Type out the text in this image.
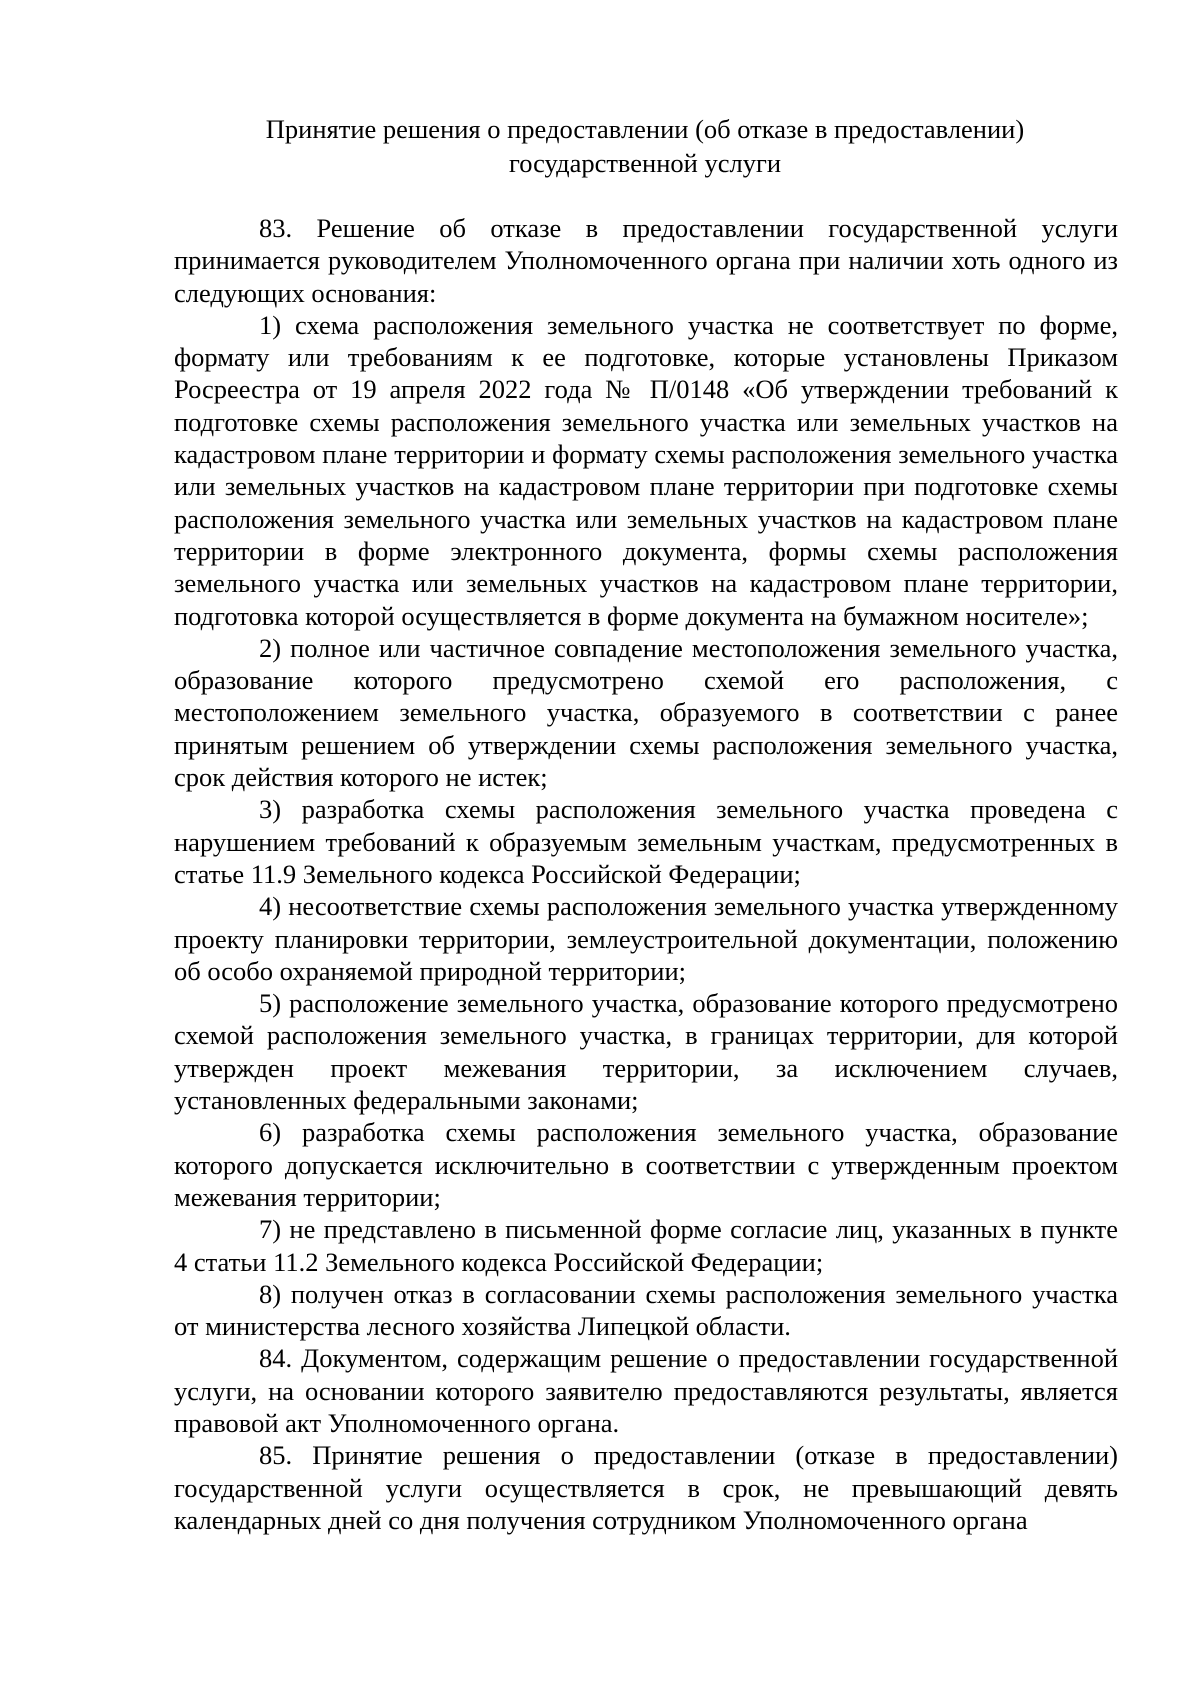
Принятие решения о предоставлении (об отказе в предоставлении)
государственной услуги

83. Решение об отказе в предоставлении государственной услуги принимается руководителем Уполномоченного органа при наличии хоть одного из следующих основания:

1) схема расположения земельного участка не соответствует по форме, формату или требованиям к ее подготовке, которые установлены Приказом Росреестра от 19 апреля 2022 года № П/0148 «Об утверждении требований к подготовке схемы расположения земельного участка или земельных участков на кадастровом плане территории и формату схемы расположения земельного участка или земельных участков на кадастровом плане территории при подготовке схемы расположения земельного участка или земельных участков на кадастровом плане территории в форме электронного документа, формы схемы расположения земельного участка или земельных участков на кадастровом плане территории, подготовка которой осуществляется в форме документа на бумажном носителе»;

2) полное или частичное совпадение местоположения земельного участка, образование которого предусмотрено схемой его расположения, с местоположением земельного участка, образуемого в соответствии с ранее принятым решением об утверждении схемы расположения земельного участка, срок действия которого не истек;

3) разработка схемы расположения земельного участка проведена с нарушением требований к образуемым земельным участкам, предусмотренных в статье 11.9 Земельного кодекса Российской Федерации;

4) несоответствие схемы расположения земельного участка утвержденному проекту планировки территории, землеустроительной документации, положению об особо охраняемой природной территории;

5) расположение земельного участка, образование которого предусмотрено схемой расположения земельного участка, в границах территории, для которой утвержден проект межевания территории, за исключением случаев, установленных федеральными законами;

6) разработка схемы расположения земельного участка, образование которого допускается исключительно в соответствии с утвержденным проектом межевания территории;

7) не представлено в письменной форме согласие лиц, указанных в пункте 4 статьи 11.2 Земельного кодекса Российской Федерации;

8) получен отказ в согласовании схемы расположения земельного участка от министерства лесного хозяйства Липецкой области.

84. Документом, содержащим решение о предоставлении государственной услуги, на основании которого заявителю предоставляются результаты, является правовой акт Уполномоченного органа.

85. Принятие решения о предоставлении (отказе в предоставлении) государственной услуги осуществляется в срок, не превышающий девять календарных дней со дня получения сотрудником Уполномоченного органа
